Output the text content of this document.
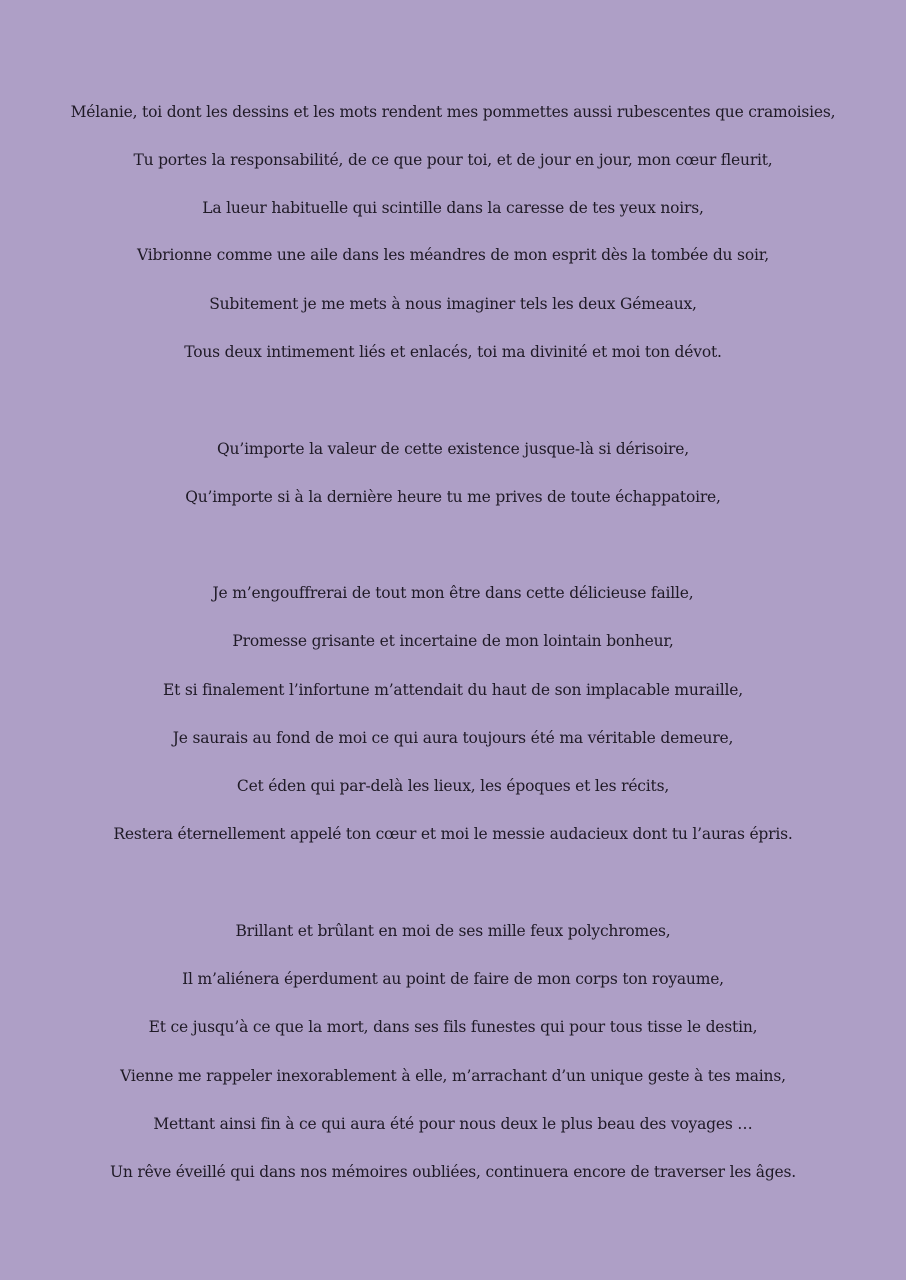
Mélanie, toi dont les dessins et les mots rendent mes pommettes aussi rubescentes que cramoisies,
Tu portes la responsabilité, de ce que pour toi, et de jour en jour, mon cœur fleurit,
La lueur habituelle qui scintille dans la caresse de tes yeux noirs,
Vibrionne comme une aile dans les méandres de mon esprit dès la tombée du soir,
Subitement je me mets à nous imaginer tels les deux Gémeaux,
Tous deux intimement liés et enlacés, toi ma divinité et moi ton dévot.
Qu’importe la valeur de cette existence jusque-là si dérisoire,
Qu’importe si à la dernière heure tu me prives de toute échappatoire,
Je m’engouffrerai de tout mon être dans cette délicieuse faille,
Promesse grisante et incertaine de mon lointain bonheur,
Et si finalement l’infortune m’attendait du haut de son implacable muraille,
Je saurais au fond de moi ce qui aura toujours été ma véritable demeure,
Cet éden qui par-delà les lieux, les époques et les récits,
Restera éternellement appelé ton cœur et moi le messie audacieux dont tu l’auras épris.
Brillant et brûlant en moi de ses mille feux polychromes,
Il m’aliénera éperdument au point de faire de mon corps ton royaume,
Et ce jusqu’à ce que la mort, dans ses fils funestes qui pour tous tisse le destin,
Vienne me rappeler inexorablement à elle, m’arrachant d’un unique geste à tes mains,
Mettant ainsi fin à ce qui aura été pour nous deux le plus beau des voyages …
Un rêve éveillé qui dans nos mémoires oubliées, continuera encore de traverser les âges.
